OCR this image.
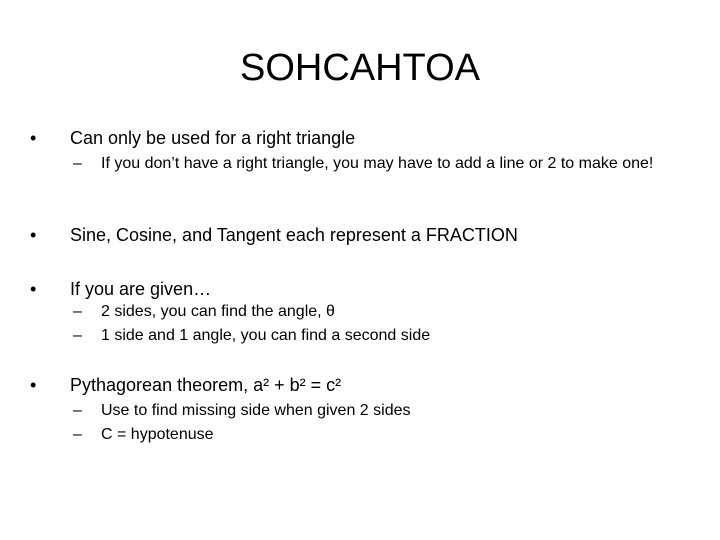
SOHCAHTOA
• Can only be used for a right triangle
– If you don’t have a right triangle, you may have to add a line or 2 to make one!
• Sine, Cosine, and Tangent each represent a FRACTION
• If you are given…
– 2 sides, you can find the angle, θ
– 1 side and 1 angle, you can find a second side
• Pythagorean theorem, a² + b² = c²
– Use to find missing side when given 2 sides
– C = hypotenuse
